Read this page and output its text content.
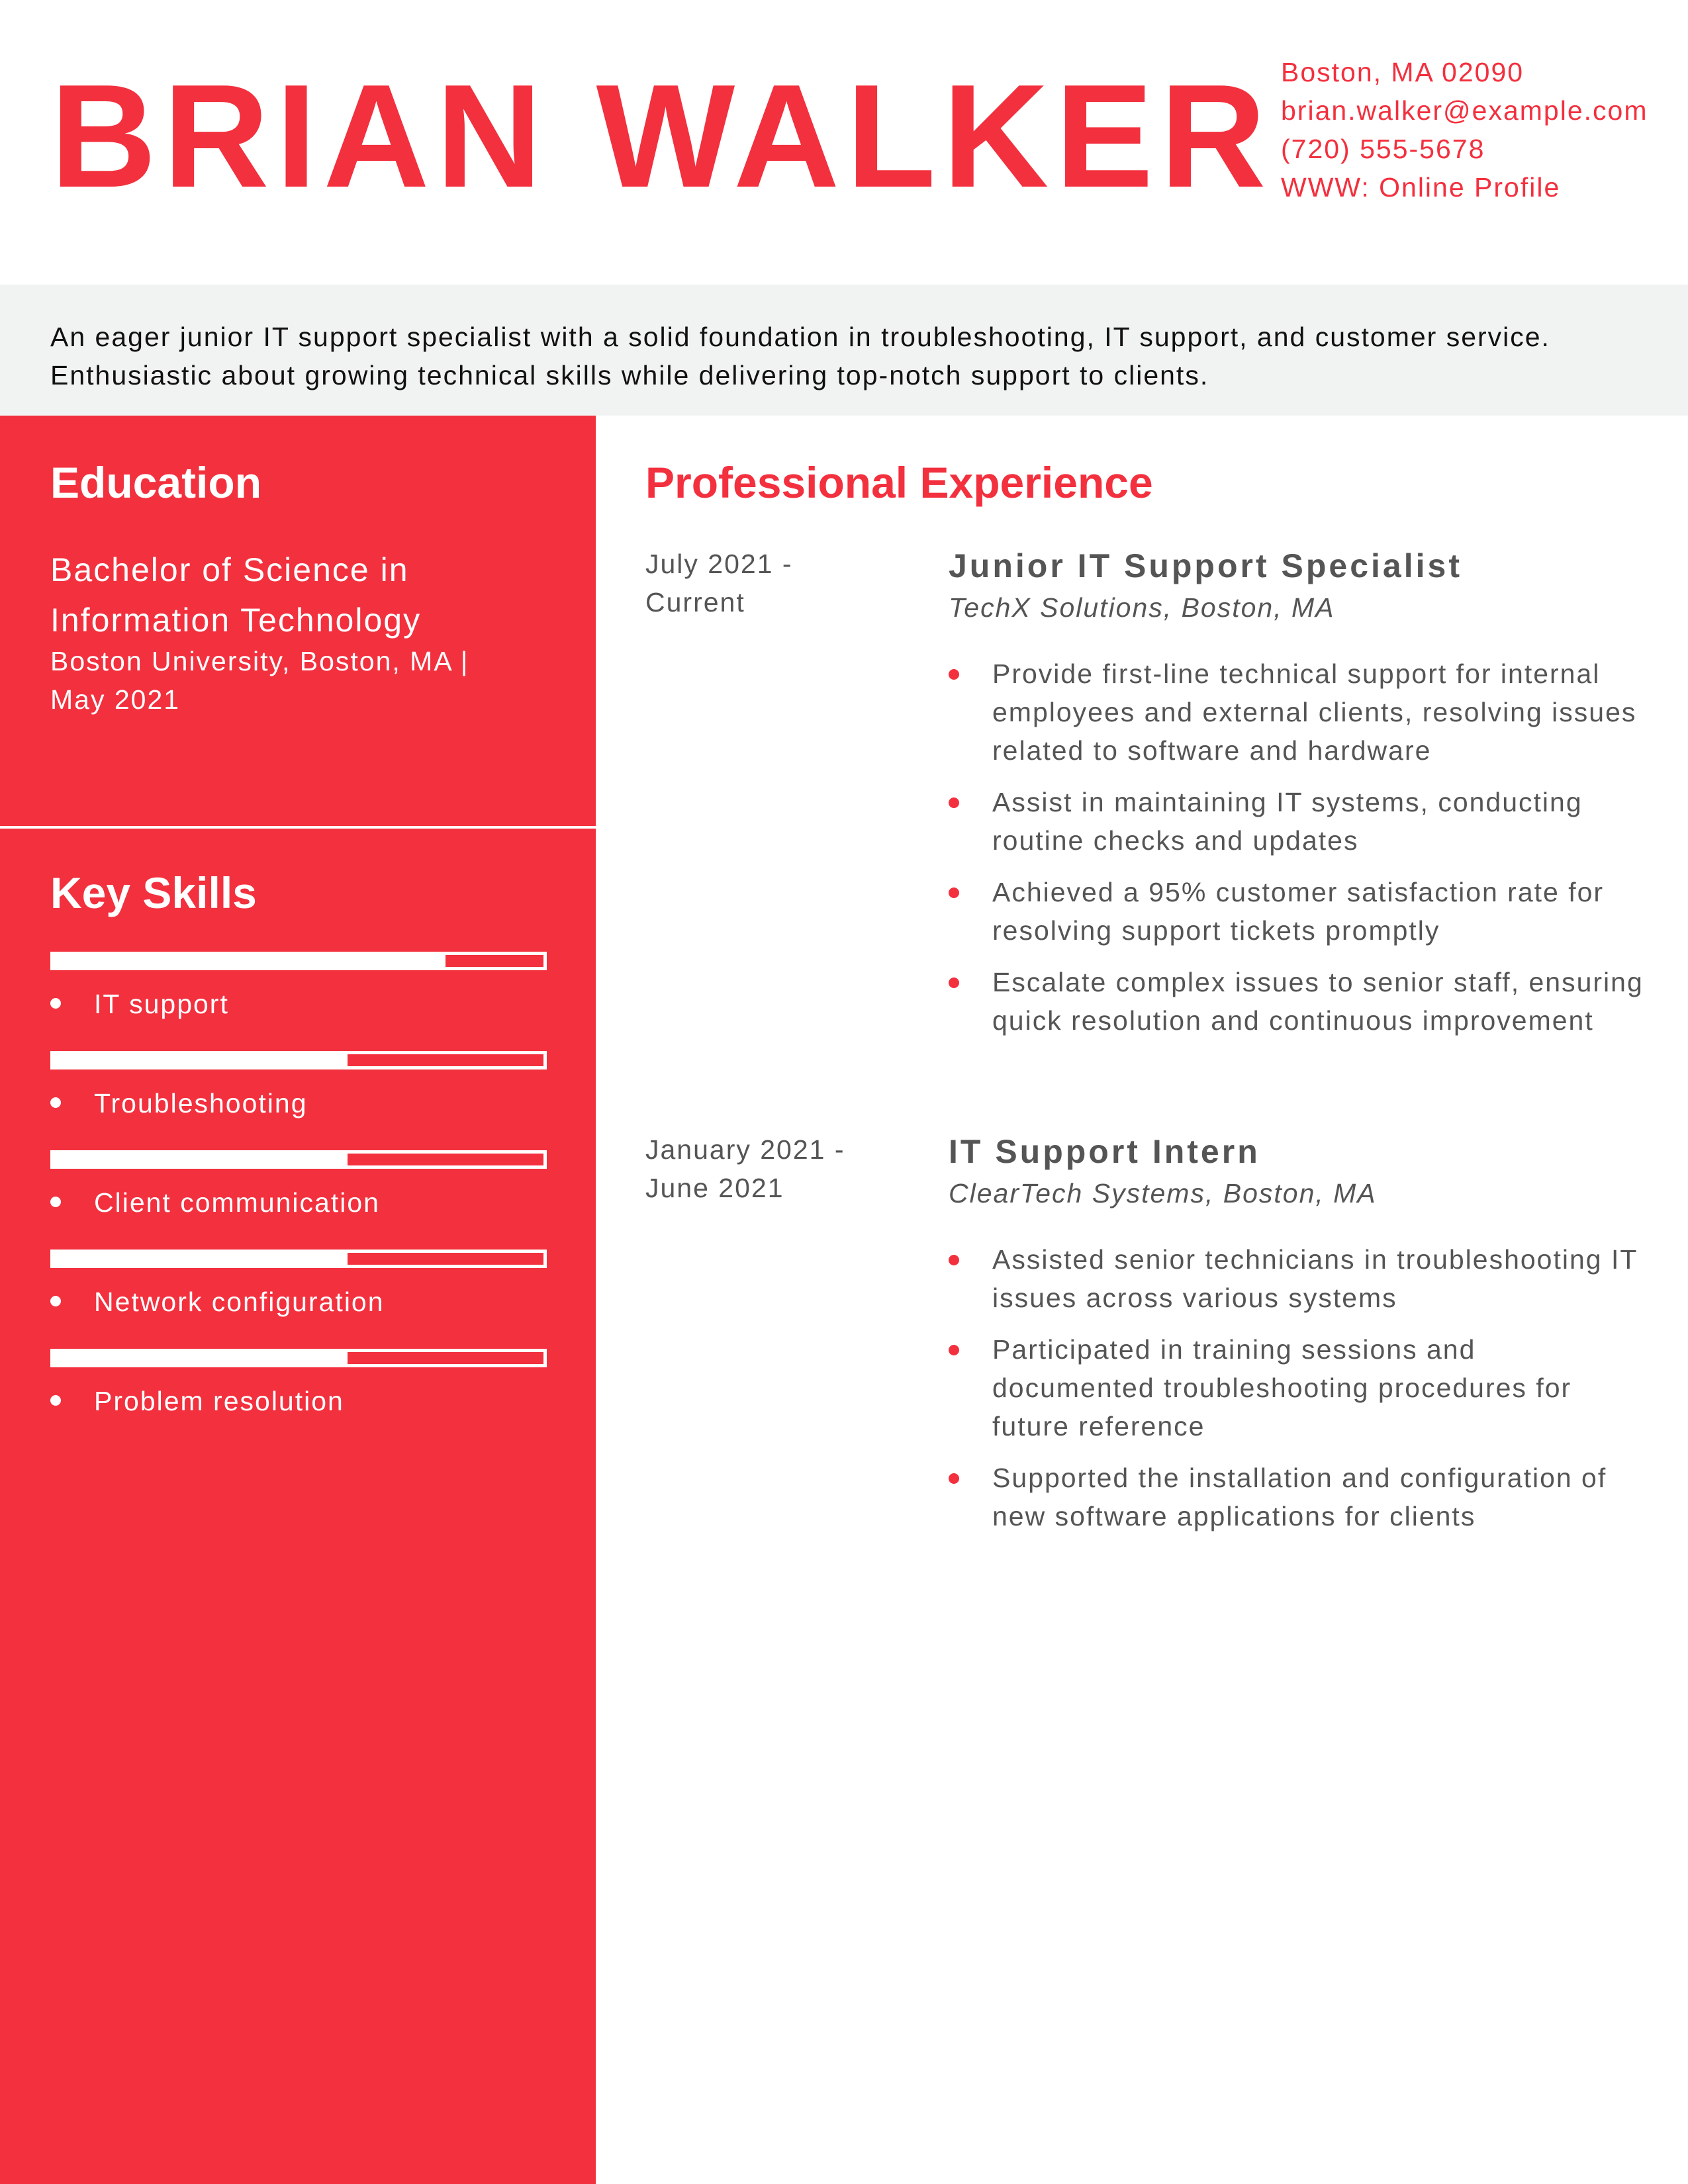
BRIAN WALKER Boston, MA 02090
brian.walker@example.com
(720) 555-5678
WWW: Online Profile
An eager junior IT support specialist with a solid foundation in troubleshooting, IT support, and customer service. Enthusiastic about growing technical skills while delivering top-notch support to clients.
Education
Bachelor of Science in Information Technology
Boston University, Boston, MA | May 2021
Key Skills
IT support
Troubleshooting
Client communication
Network configuration
Problem resolution
Professional Experience
July 2021 - Current
Junior IT Support Specialist
TechX Solutions, Boston, MA
Provide first-line technical support for internal employees and external clients, resolving issues related to software and hardware
Assist in maintaining IT systems, conducting routine checks and updates
Achieved a 95% customer satisfaction rate for resolving support tickets promptly
Escalate complex issues to senior staff, ensuring quick resolution and continuous improvement
January 2021 - June 2021
IT Support Intern
ClearTech Systems, Boston, MA
Assisted senior technicians in troubleshooting IT issues across various systems
Participated in training sessions and documented troubleshooting procedures for future reference
Supported the installation and configuration of new software applications for clients
